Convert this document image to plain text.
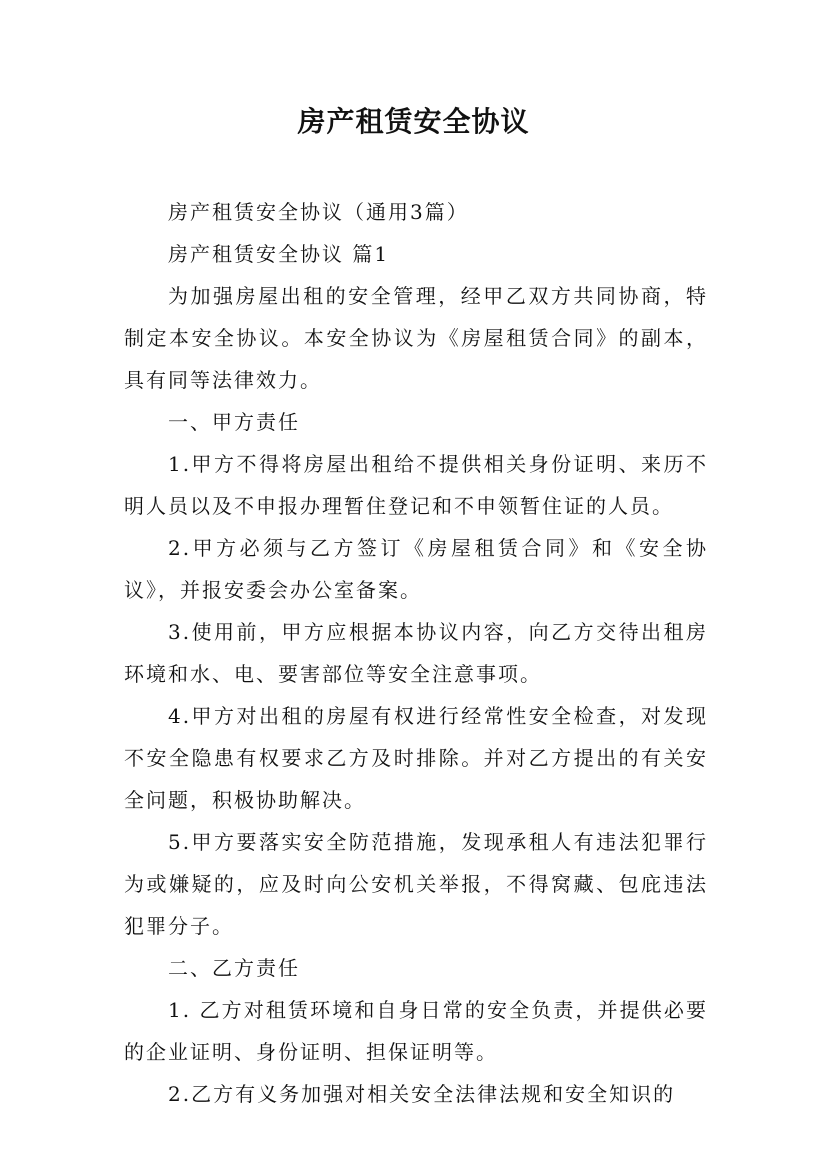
房产租赁安全协议

房产租赁安全协议（通用3篇）

房产租赁安全协议 篇1

为加强房屋出租的安全管理，经甲乙双方共同协商，特制定本安全协议。本安全协议为《房屋租赁合同》的副本，具有同等法律效力。

一、甲方责任

1.甲方不得将房屋出租给不提供相关身份证明、来历不明人员以及不申报办理暂住登记和不申领暂住证的人员。

2.甲方必须与乙方签订《房屋租赁合同》和《安全协议》，并报安委会办公室备案。

3.使用前，甲方应根据本协议内容，向乙方交待出租房环境和水、电、要害部位等安全注意事项。

4.甲方对出租的房屋有权进行经常性安全检查，对发现不安全隐患有权要求乙方及时排除。并对乙方提出的有关安全问题，积极协助解决。

5.甲方要落实安全防范措施，发现承租人有违法犯罪行为或嫌疑的，应及时向公安机关举报，不得窝藏、包庇违法犯罪分子。

二、乙方责任

1. 乙方对租赁环境和自身日常的安全负责，并提供必要的企业证明、身份证明、担保证明等。

2.乙方有义务加强对相关安全法律法规和安全知识的
